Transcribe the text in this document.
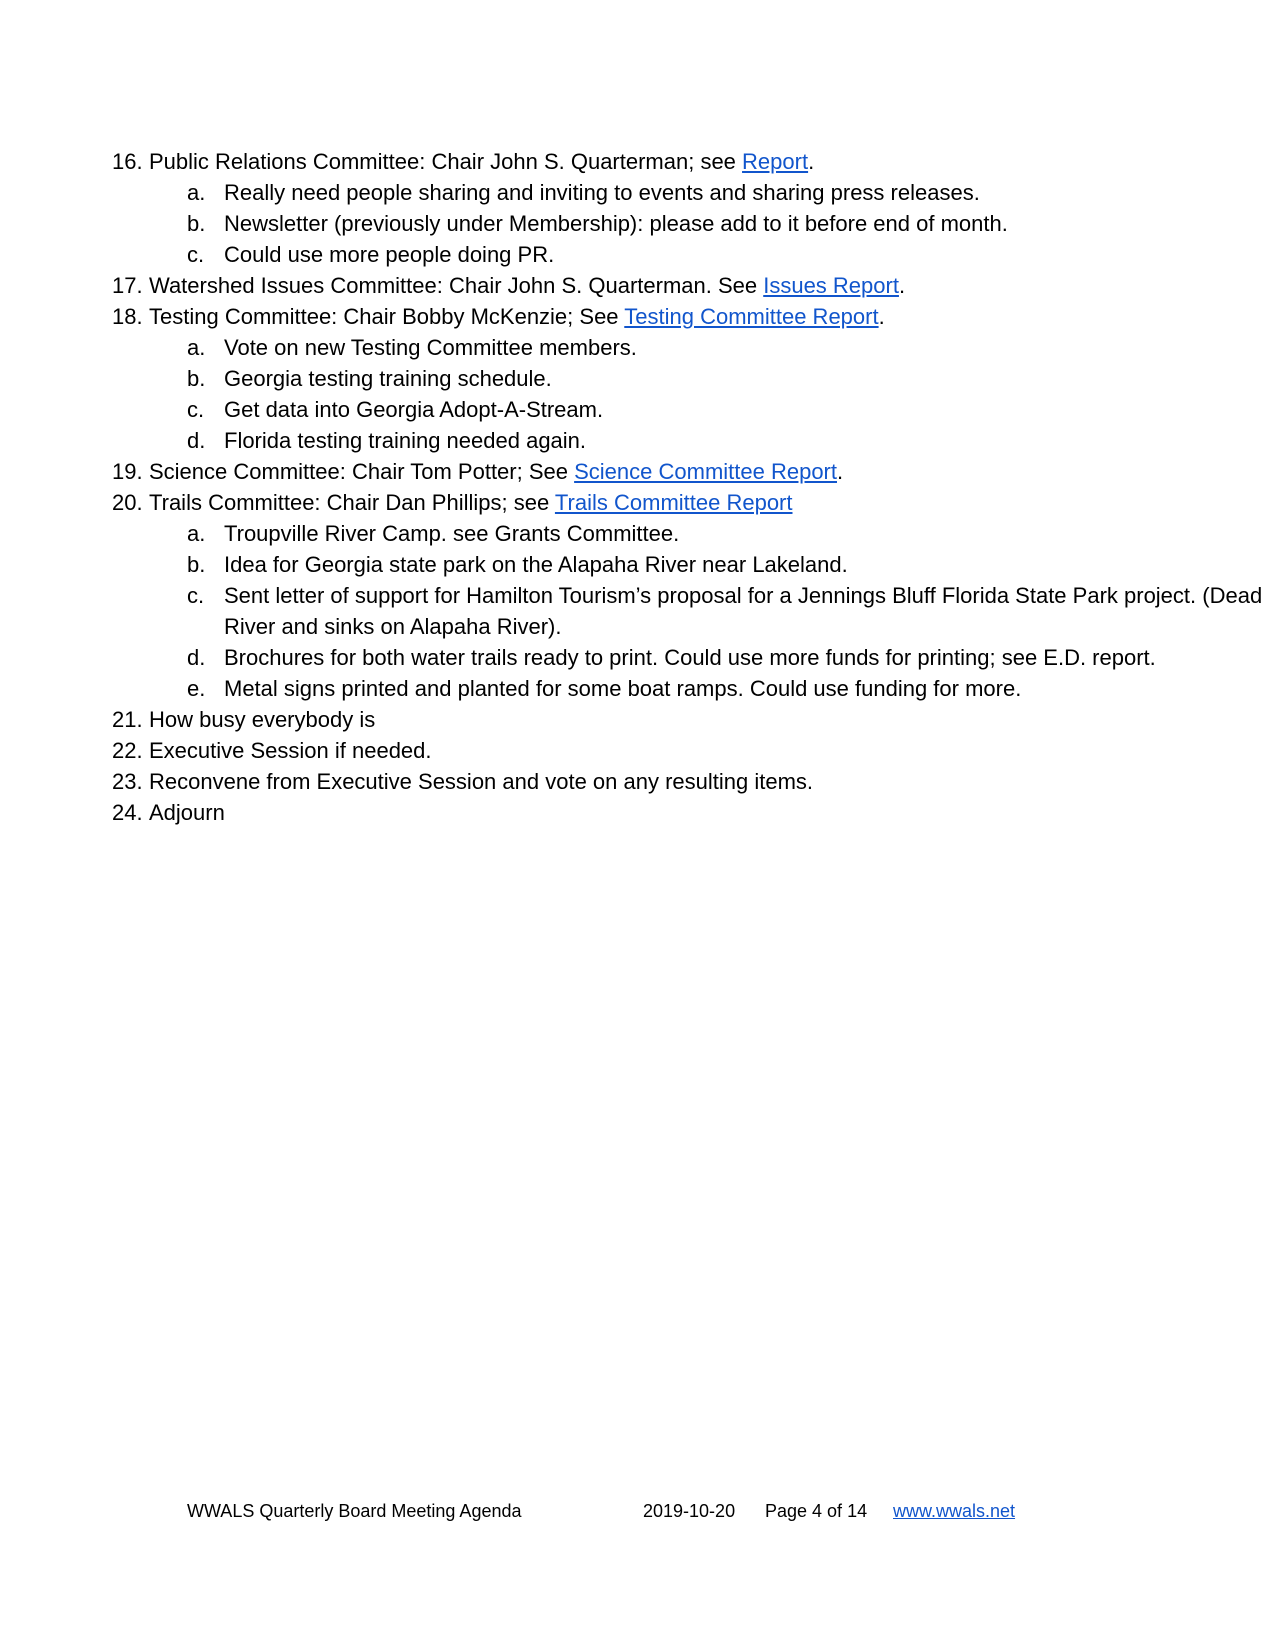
16. Public Relations Committee: Chair John S. Quarterman; see Report.
a. Really need people sharing and inviting to events and sharing press releases.
b. Newsletter (previously under Membership): please add to it before end of month.
c. Could use more people doing PR.
17. Watershed Issues Committee: Chair John S. Quarterman. See Issues Report.
18. Testing Committee: Chair Bobby McKenzie; See Testing Committee Report.
a. Vote on new Testing Committee members.
b. Georgia testing training schedule.
c. Get data into Georgia Adopt-A-Stream.
d. Florida testing training needed again.
19. Science Committee: Chair Tom Potter; See Science Committee Report.
20. Trails Committee: Chair Dan Phillips; see Trails Committee Report
a. Troupville River Camp. see Grants Committee.
b. Idea for Georgia state park on the Alapaha River near Lakeland.
c. Sent letter of support for Hamilton Tourism’s proposal for a Jennings Bluff Florida State Park project. (Dead River and sinks on Alapaha River).
d. Brochures for both water trails ready to print. Could use more funds for printing; see E.D. report.
e. Metal signs printed and planted for some boat ramps. Could use funding for more.
21. How busy everybody is
22. Executive Session if needed.
23. Reconvene from Executive Session and vote on any resulting items.
24. Adjourn
WWALS Quarterly Board Meeting Agenda	2019-10-20 Page 4 of 14 www.wwals.net
